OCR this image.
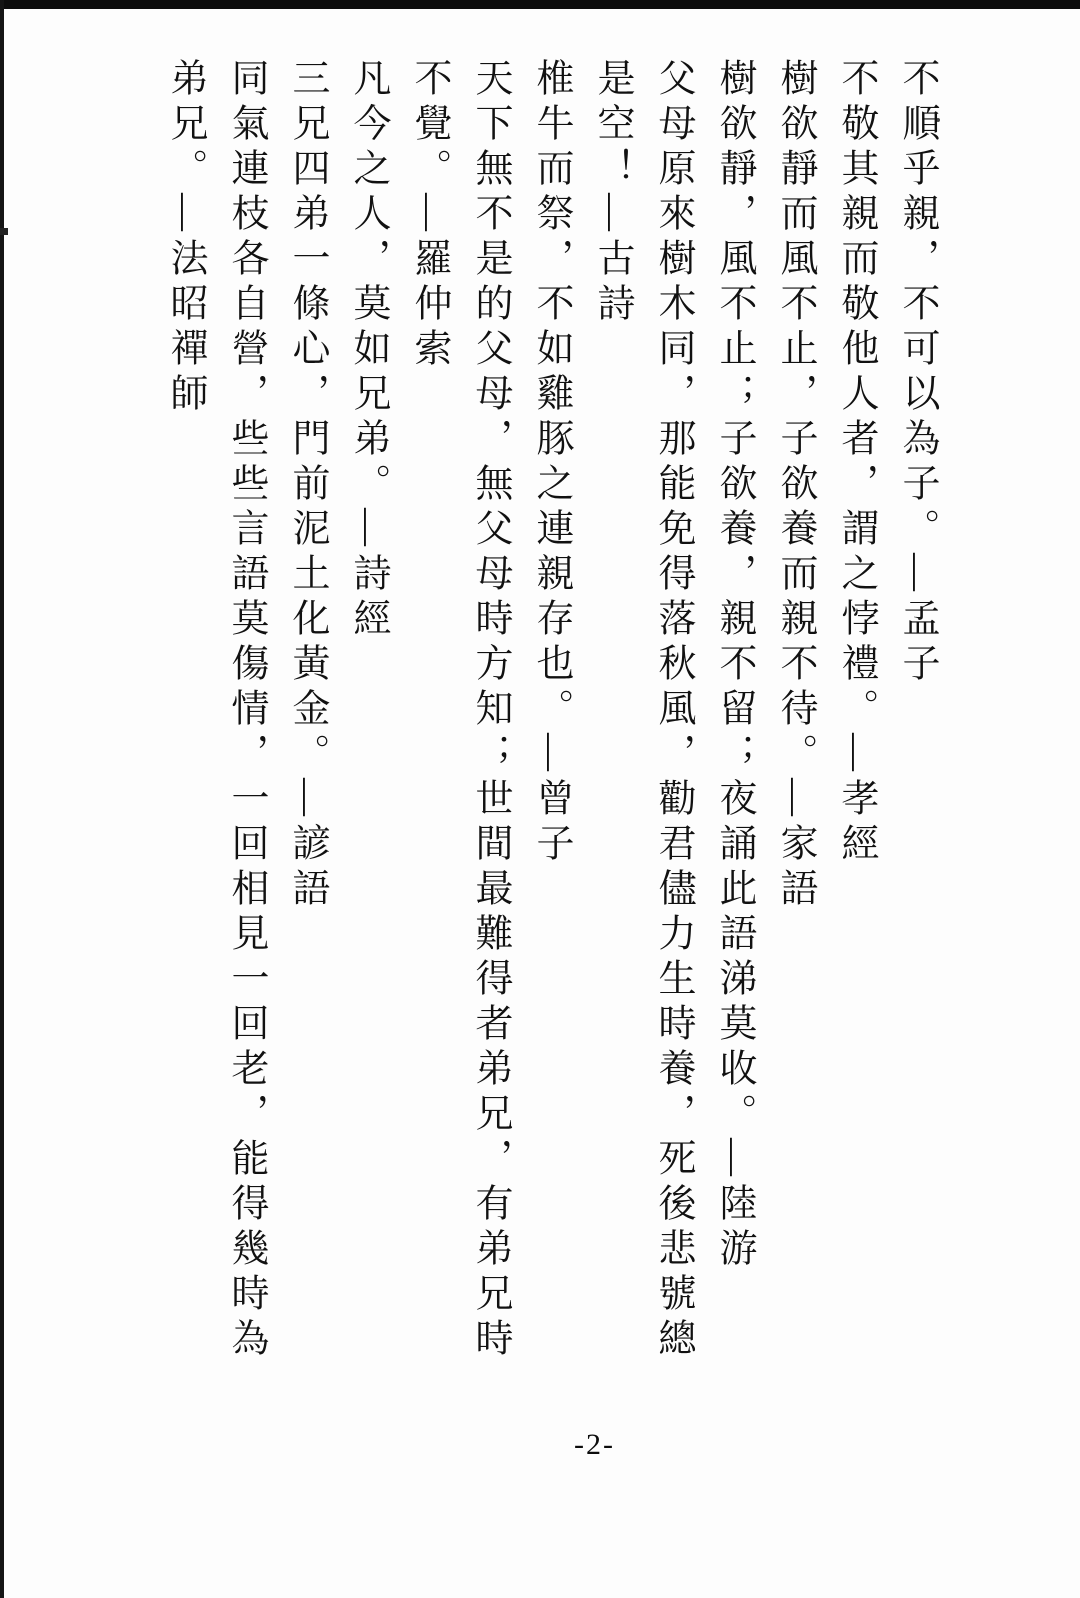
不順乎親，不可以為子。—孟子

不敬其親而敬他人者，謂之悖禮。—孝經

樹欲靜而風不止，子欲養而親不待。—家語

樹欲靜，風不止；子欲養，親不留；夜誦此語涕莫收。—陸游

父母原來樹木同，那能免得落秋風，勸君儘力生時養，死後悲號總是空！—古詩

椎牛而祭，不如雞豚之連親存也。—曾子

天下無不是的父母，無父母時方知；世間最難得者弟兄，有弟兄時不覺。—羅仲索

凡今之人，莫如兄弟。—詩經

三兄四弟一條心，門前泥土化黃金。—諺語

同氣連枝各自營，些些言語莫傷情，一回相見一回老，能得幾時為弟兄。—法昭禪師

-2-
